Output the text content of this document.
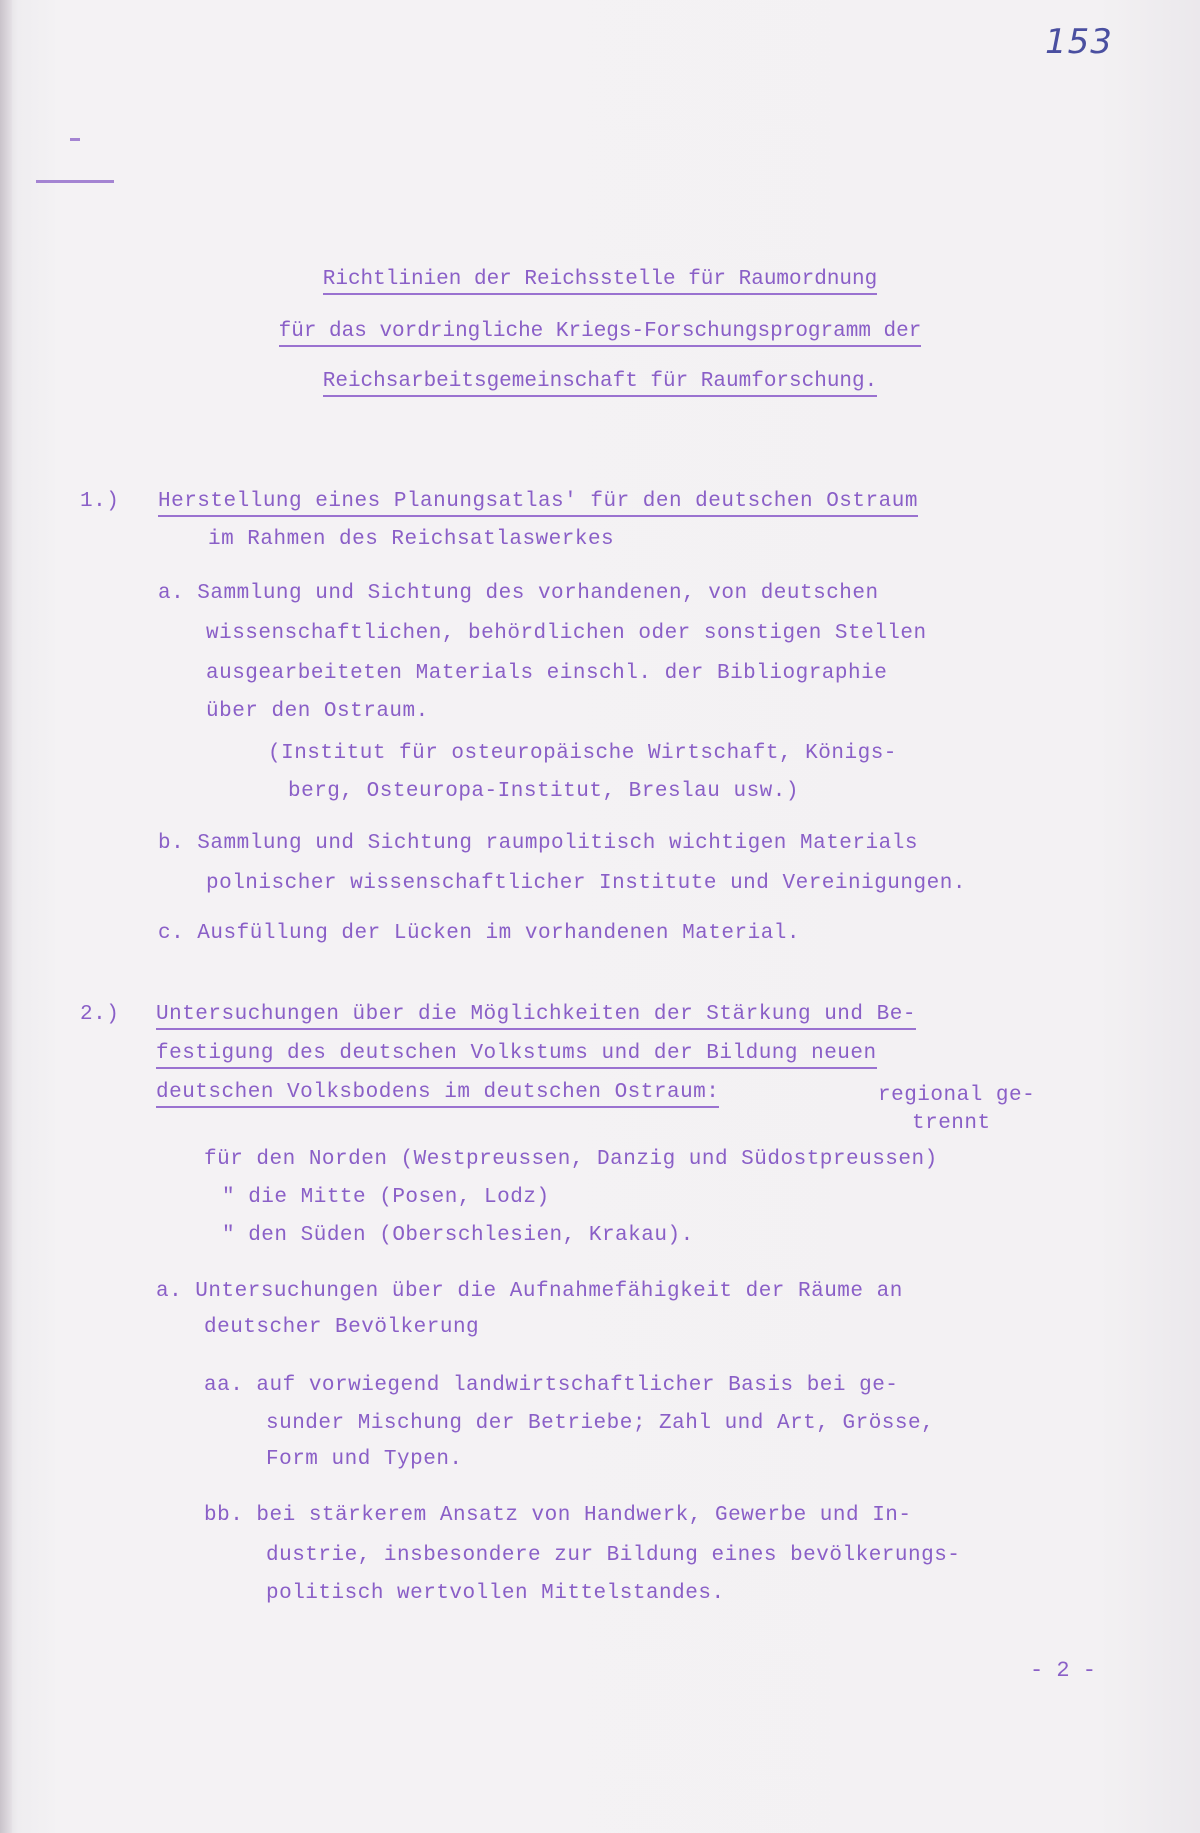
153
Richtlinien der Reichsstelle für Raumordnung
für das vordringliche Kriegs-Forschungsprogramm der
Reichsarbeitsgemeinschaft für Raumforschung.
1.) Herstellung eines Planungsatlas' für den deutschen Ostraum
im Rahmen des Reichsatlaswerkes
a. Sammlung und Sichtung des vorhandenen, von deutschen
wissenschaftlichen, behördlichen oder sonstigen Stellen
ausgearbeiteten Materials einschl. der Bibliographie
über den Ostraum.
(Institut für osteuropäische Wirtschaft, Königs-
berg, Osteuropa-Institut, Breslau usw.)
b. Sammlung und Sichtung raumpolitisch wichtigen Materials
polnischer wissenschaftlicher Institute und Vereinigungen.
c. Ausfüllung der Lücken im vorhandenen Material.
2.) Untersuchungen über die Möglichkeiten der Stärkung und Be-
festigung des deutschen Volkstums und der Bildung neuen
deutschen Volksbodens im deutschen Ostraum:	regional ge-
trennt
für den Norden (Westpreussen, Danzig und Südostpreussen)
" die Mitte (Posen, Lodz)
" den Süden (Oberschlesien, Krakau).
a. Untersuchungen über die Aufnahmefähigkeit der Räume an
deutscher Bevölkerung
aa. auf vorwiegend landwirtschaftlicher Basis bei ge-
sunder Mischung der Betriebe; Zahl und Art, Grösse,
Form und Typen.
bb. bei stärkerem Ansatz von Handwerk, Gewerbe und In-
dustrie, insbesondere zur Bildung eines bevölkerungs-
politisch wertvollen Mittelstandes.
- 2 -
